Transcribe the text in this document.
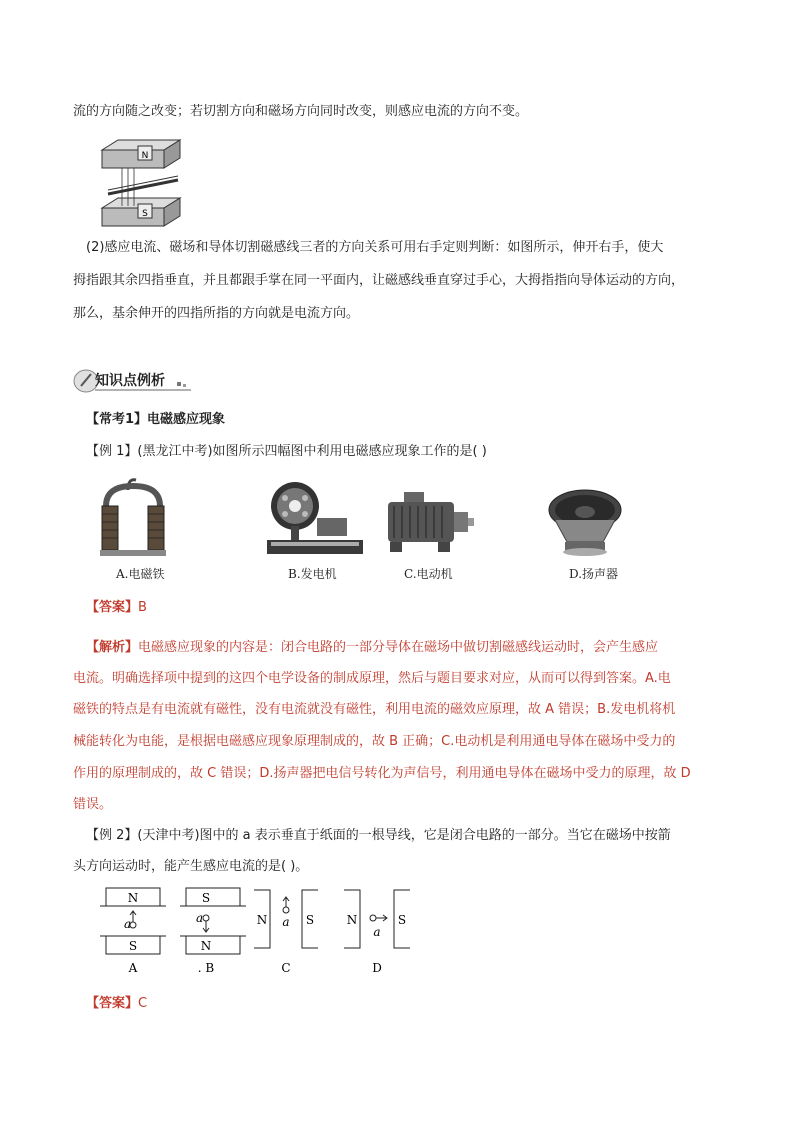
流的方向随之改变；若切割方向和磁场方向同时改变，则感应电流的方向不变。
N
S
(2)感应电流、磁场和导体切割磁感线三者的方向关系可用右手定则判断：如图所示，伸开右手，使大
拇指跟其余四指垂直，并且都跟手掌在同一平面内，让磁感线垂直穿过手心，大拇指指向导体运动的方向，
那么，基余伸开的四指所指的方向就是电流方向。
知识点例析
【常考1】电磁感应现象
【例 1】(黑龙江中考)如图所示四幅图中利用电磁感应现象工作的是( )
A.电磁铁	B.发电机	C.电动机	D.扬声器
【答案】B
【解析】电磁感应现象的内容是：闭合电路的一部分导体在磁场中做切割磁感线运动时，会产生感应
电流。明确选择项中提到的这四个电学设备的制成原理，然后与题目要求对应，从而可以得到答案。A.电
磁铁的特点是有电流就有磁性，没有电流就没有磁性，利用电流的磁效应原理，故 A 错误；B.发电机将机
械能转化为电能，是根据电磁感应现象原理制成的，故 B 正确；C.电动机是利用通电导体在磁场中受力的
作用的原理制成的，故 C 错误；D.扬声器把电信号转化为声信号，利用通电导体在磁场中受力的原理，故 D
错误。
【例 2】(天津中考)图中的 a 表示垂直于纸面的一根导线，它是闭合电路的一部分。当它在磁场中按箭
头方向运动时，能产生感应电流的是( )。
N
a
S
A
S
a
N
. B
N a S
C
N
a
S
D
【答案】C
